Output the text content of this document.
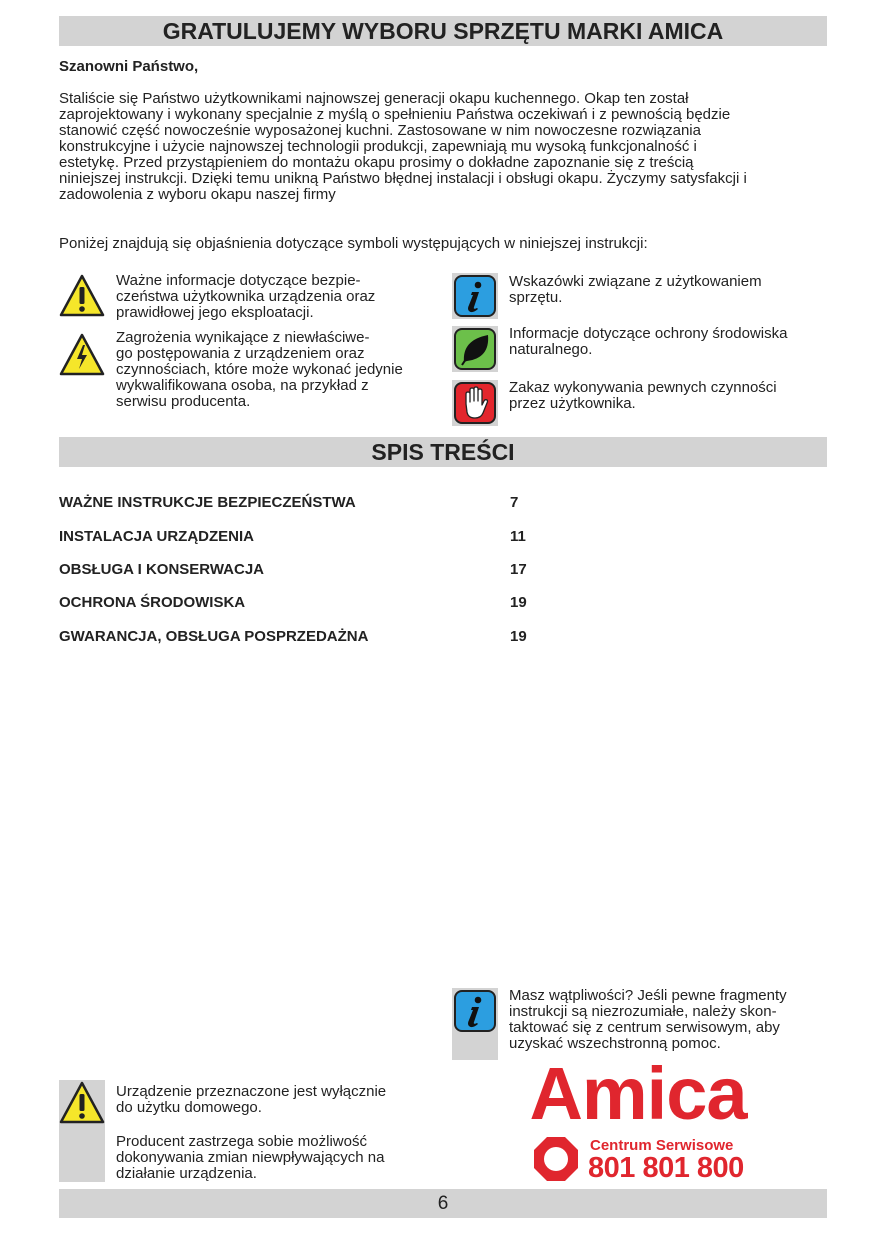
GRATULUJEMY WYBORU SPRZĘTU MARKI AMICA

Szanowni Państwo,

Staliście się Państwo użytkownikami najnowszej generacji okapu kuchennego. Okap ten został
zaprojektowany i wykonany specjalnie z myślą o spełnieniu Państwa oczekiwań i z pewnością będzie
stanowić część nowocześnie wyposażonej kuchni. Zastosowane w nim nowoczesne rozwiązania
konstrukcyjne i użycie najnowszej technologii produkcji, zapewniają mu wysoką funkcjonalność i
estetykę. Przed przystąpieniem do montażu okapu prosimy o dokładne zapoznanie się z treścią
niniejszej instrukcji. Dzięki temu unikną Państwo błędnej instalacji i obsługi okapu. Życzymy satysfakcji i
zadowolenia z wyboru okapu naszej firmy

Poniżej znajdują się objaśnienia dotyczące symboli występujących w niniejszej instrukcji:

Ważne informacje dotyczące bezpie-
czeństwa użytkownika urządzenia oraz
prawidłowej jego eksploatacji.
Zagrożenia wynikające z niewłaściwe-
go postępowania z urządzeniem oraz
czynnościach, które może wykonać jedynie
wykwalifikowana osoba, na przykład z
serwisu producenta.
Wskazówki związane z użytkowaniem
sprzętu.
Informacje dotyczące ochrony środowiska
naturalnego.
Zakaz wykonywania pewnych czynności
przez użytkownika.
SPIS TREŚCI
WAŻNE INSTRUKCJE BEZPIECZEŃSTWA	7
INSTALACJA URZĄDZENIA	11
OBSŁUGA I KONSERWACJA	17
OCHRONA ŚRODOWISKA	19
GWARANCJA, OBSŁUGA POSPRZEDAŻNA	19
Masz wątpliwości? Jeśli pewne fragmenty
instrukcji są niezrozumiałe, należy skon-
taktować się z centrum serwisowym, aby
uzyskać wszechstronną pomoc.
Urządzenie przeznaczone jest wyłącznie
do użytku domowego.
Producent zastrzega sobie możliwość
dokonywania zmian niewpływających na
działanie urządzenia.
Amica
Centrum Serwisowe
801 801 800
6
